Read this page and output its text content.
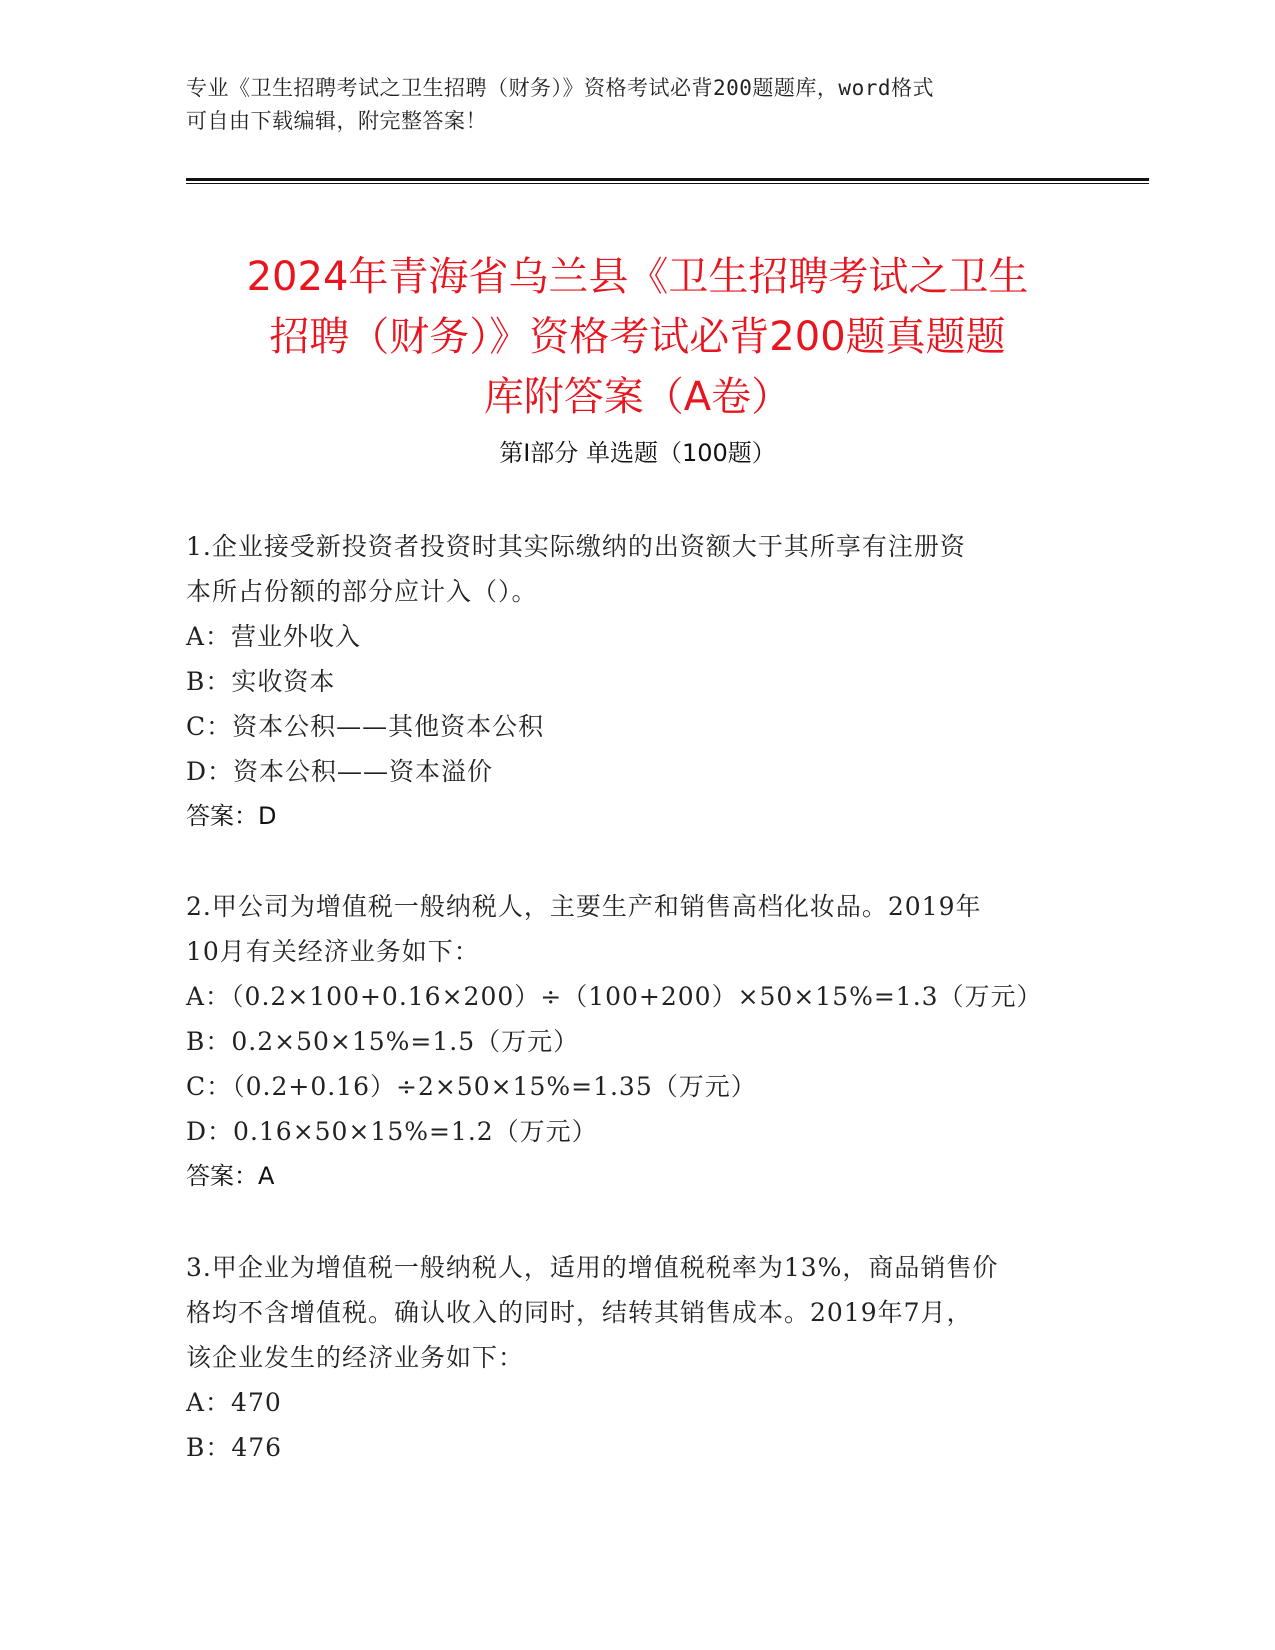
专业《卫生招聘考试之卫生招聘（财务）》资格考试必背200题题库，word格式
可自由下载编辑，附完整答案！
2024年青海省乌兰县《卫生招聘考试之卫生
招聘（财务）》资格考试必背200题真题题
库附答案（A卷）
第I部分 单选题（100题）
1.企业接受新投资者投资时其实际缴纳的出资额大于其所享有注册资
本所占份额的部分应计入（）。
A：营业外收入
B：实收资本
C：资本公积——其他资本公积
D：资本公积——资本溢价
答案：D
2.甲公司为增值税一般纳税人，主要生产和销售高档化妆品。2019年
10月有关经济业务如下：
A：（0.2×100+0.16×200）÷（100+200）×50×15%=1.3（万元）
B：0.2×50×15%=1.5（万元）
C：（0.2+0.16）÷2×50×15%=1.35（万元）
D：0.16×50×15%=1.2（万元）
答案：A
3.甲企业为增值税一般纳税人，适用的增值税税率为13%，商品销售价
格均不含增值税。确认收入的同时，结转其销售成本。2019年7月，
该企业发生的经济业务如下：
A：470
B：476
